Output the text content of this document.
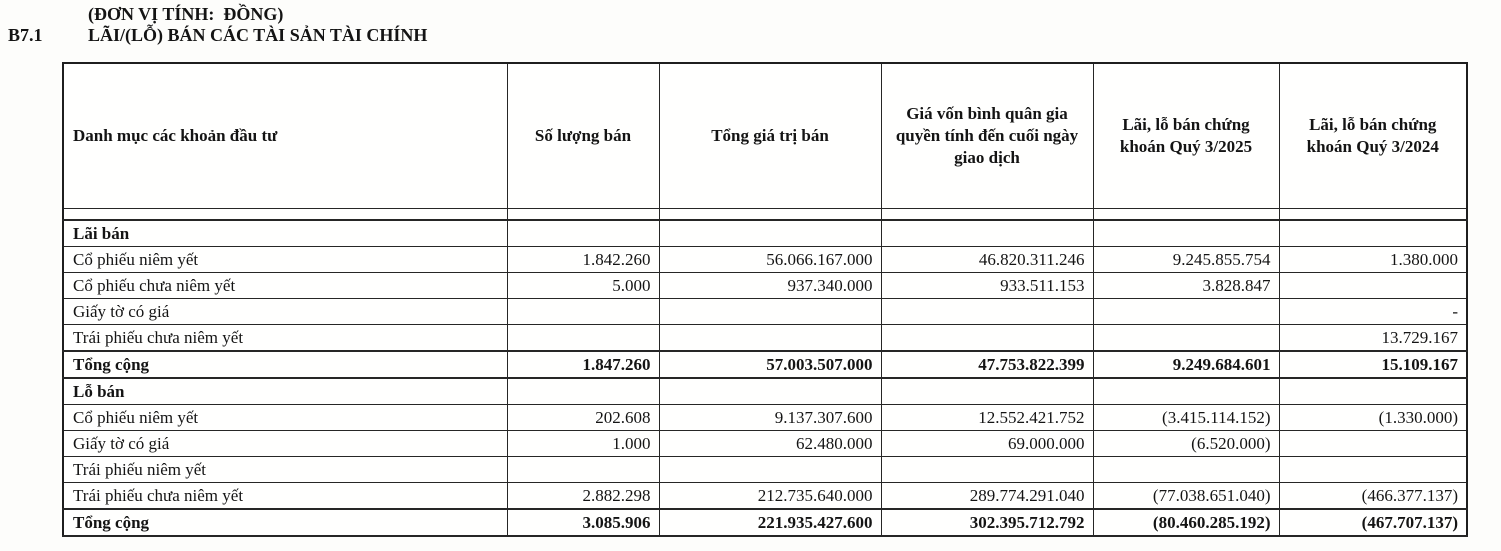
(ĐƠN VỊ TÍNH:  ĐỒNG)
B7.1	LÃI/(LỖ) BÁN CÁC TÀI SẢN TÀI CHÍNH
Danh mục các khoản đầu tư	Số lượng bán	Tổng giá trị bán	Giá vốn bình quân gia quyền tính đến cuối ngày giao dịch	Lãi, lỗ bán chứng khoán Quý 3/2025	Lãi, lỗ bán chứng khoán Quý 3/2024

Lãi bán					
Cổ phiếu niêm yết	1.842.260	56.066.167.000	46.820.311.246	9.245.855.754	1.380.000
Cổ phiếu chưa niêm yết	5.000	937.340.000	933.511.153	3.828.847	
Giấy tờ có giá					-
Trái phiếu chưa niêm yết					13.729.167
Tổng cộng	1.847.260	57.003.507.000	47.753.822.399	9.249.684.601	15.109.167
Lỗ bán					
Cổ phiếu niêm yết	202.608	9.137.307.600	12.552.421.752	(3.415.114.152)	(1.330.000)
Giấy tờ có giá	1.000	62.480.000	69.000.000	(6.520.000)	
Trái phiếu niêm yết					
Trái phiếu chưa niêm yết	2.882.298	212.735.640.000	289.774.291.040	(77.038.651.040)	(466.377.137)
Tổng cộng	3.085.906	221.935.427.600	302.395.712.792	(80.460.285.192)	(467.707.137)
